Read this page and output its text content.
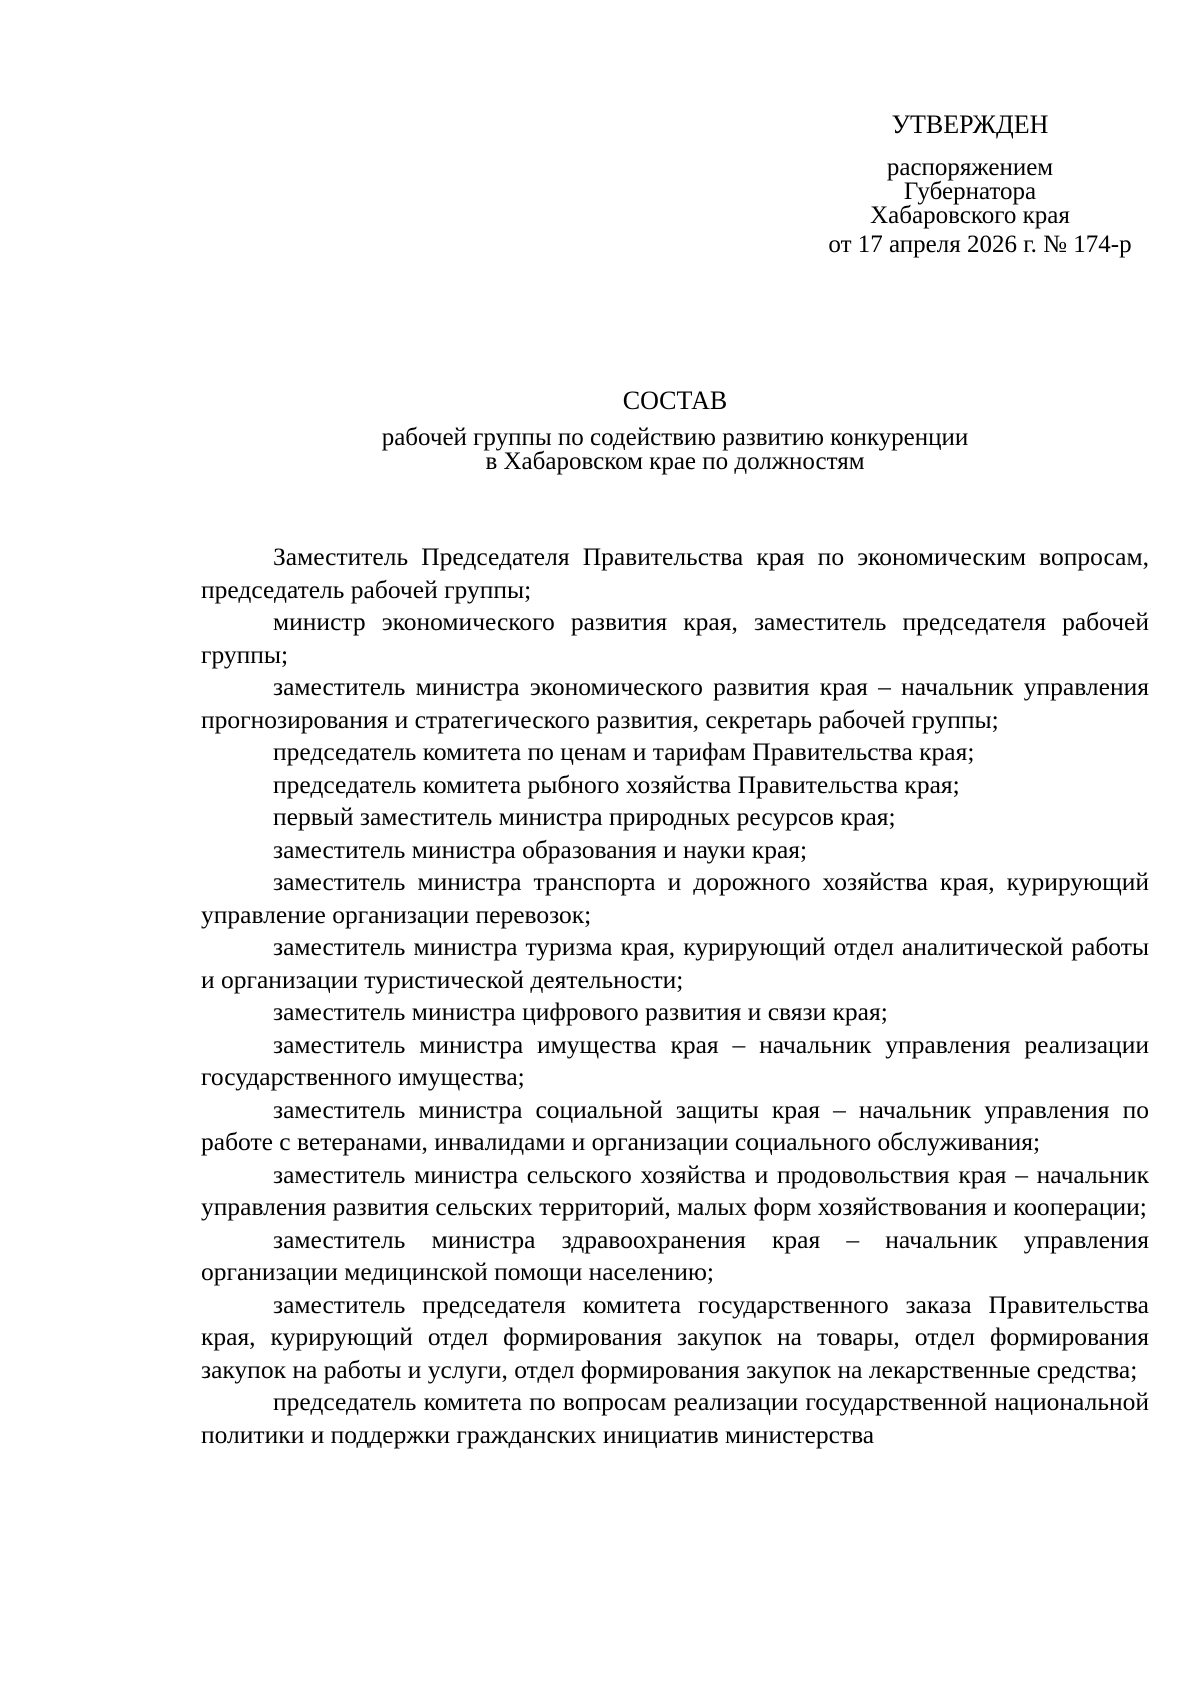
УТВЕРЖДЕН

распоряжением

Губернатора

Хабаровского края

от 17 апреля 2026 г. № 174-р

СОСТАВ

рабочей группы по содействию развитию конкуренции

в Хабаровском крае по должностям

Заместитель Председателя Правительства края по экономическим вопросам, председатель рабочей группы;
министр экономического развития края, заместитель председателя рабочей группы;
заместитель министра экономического развития края – начальник управления прогнозирования и стратегического развития, секретарь рабочей группы;
председатель комитета по ценам и тарифам Правительства края;
председатель комитета рыбного хозяйства Правительства края;
первый заместитель министра природных ресурсов края;
заместитель министра образования и науки края;
заместитель министра транспорта и дорожного хозяйства края, курирующий управление организации перевозок;
заместитель министра туризма края, курирующий отдел аналитической работы и организации туристической деятельности;
заместитель министра цифрового развития и связи края;
заместитель министра имущества края – начальник управления реализации государственного имущества;
заместитель министра социальной защиты края – начальник управления по работе с ветеранами, инвалидами и организации социального обслуживания;
заместитель министра сельского хозяйства и продовольствия края – начальник управления развития сельских территорий, малых форм хозяйствования и кооперации;
заместитель министра здравоохранения края – начальник управления организации медицинской помощи населению;
заместитель председателя комитета государственного заказа Правительства края, курирующий отдел формирования закупок на товары, отдел формирования закупок на работы и услуги, отдел формирования закупок на лекарственные средства;
председатель комитета по вопросам реализации государственной национальной политики и поддержки гражданских инициатив министерства
